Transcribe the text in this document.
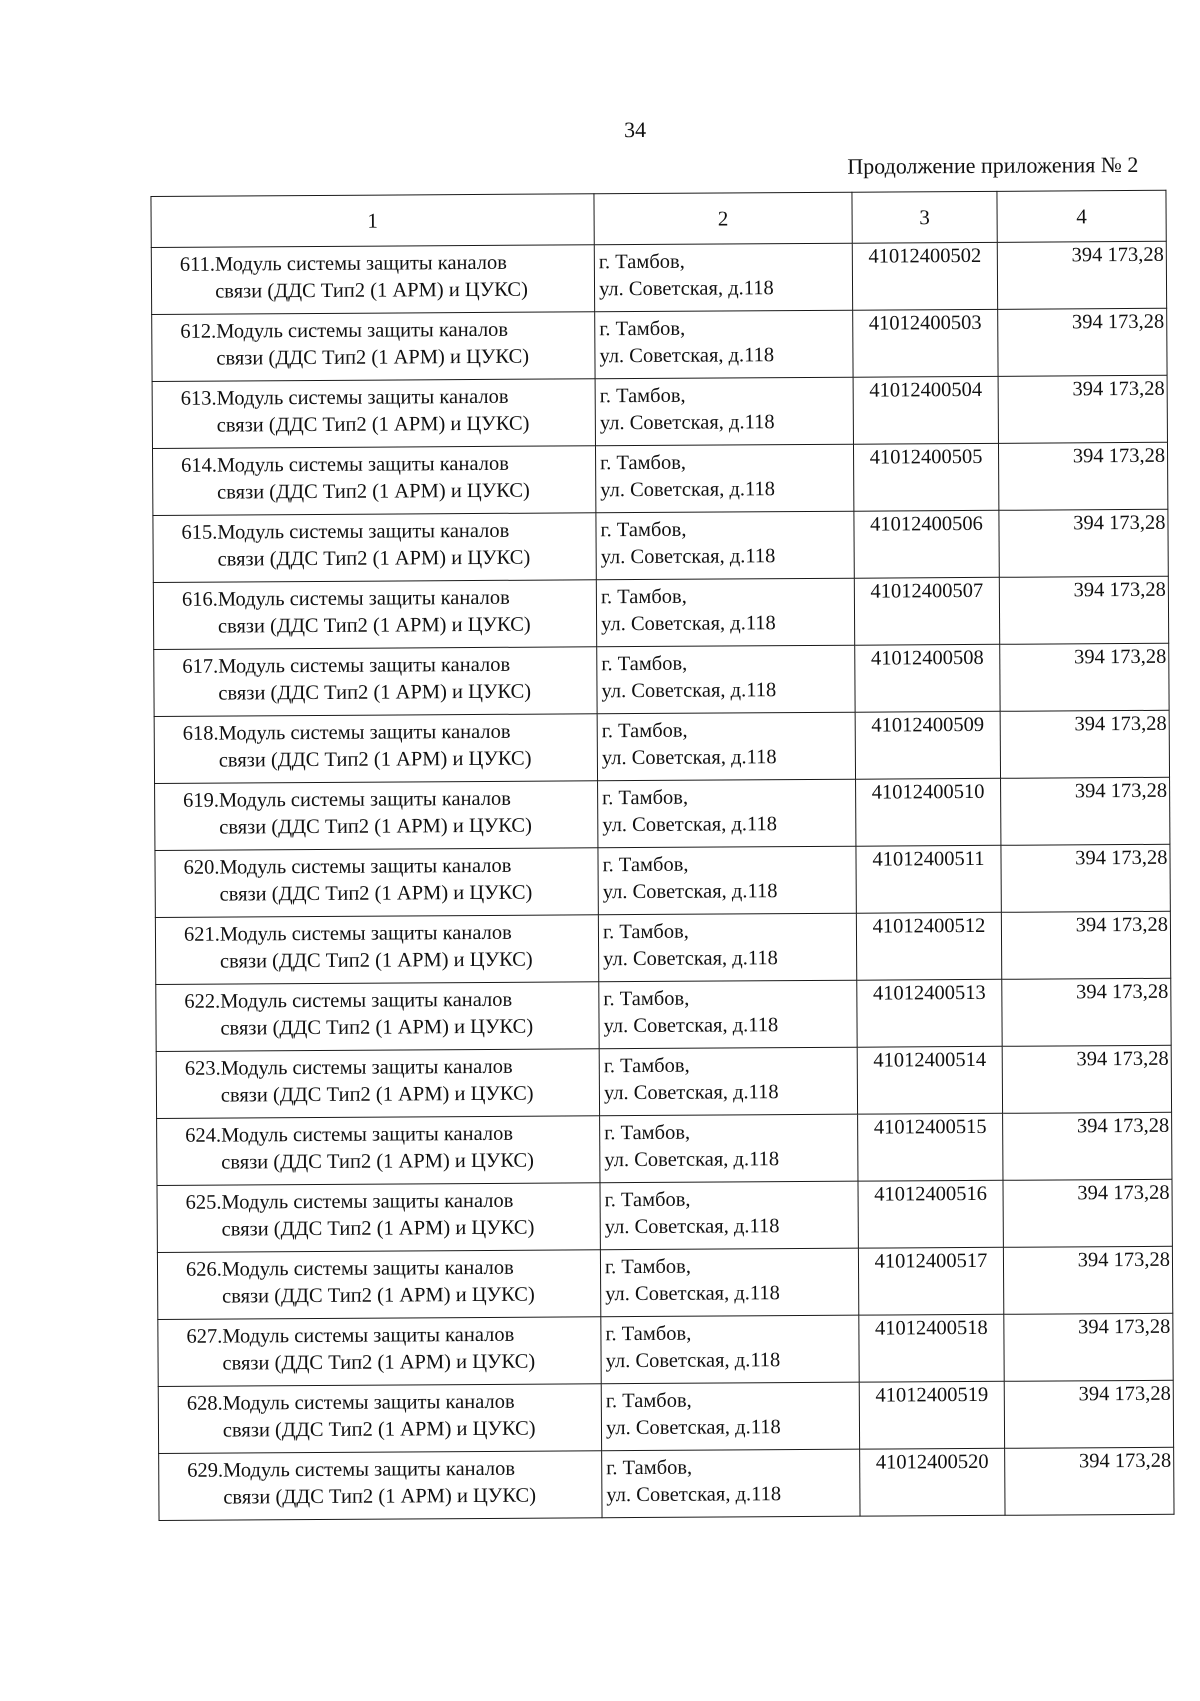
34
Продолжение приложения № 2
1	2	3	4

611. Модуль системы защиты каналов
связи (ДДС Тип2 (1 АРМ) и ЦУКС)	г. Тамбов,
ул. Советская, д.118	41012400502	394 173,28

612. Модуль системы защиты каналов
связи (ДДС Тип2 (1 АРМ) и ЦУКС)	г. Тамбов,
ул. Советская, д.118	41012400503	394 173,28

613. Модуль системы защиты каналов
связи (ДДС Тип2 (1 АРМ) и ЦУКС)	г. Тамбов,
ул. Советская, д.118	41012400504	394 173,28

614. Модуль системы защиты каналов
связи (ДДС Тип2 (1 АРМ) и ЦУКС)	г. Тамбов,
ул. Советская, д.118	41012400505	394 173,28

615. Модуль системы защиты каналов
связи (ДДС Тип2 (1 АРМ) и ЦУКС)	г. Тамбов,
ул. Советская, д.118	41012400506	394 173,28

616. Модуль системы защиты каналов
связи (ДДС Тип2 (1 АРМ) и ЦУКС)	г. Тамбов,
ул. Советская, д.118	41012400507	394 173,28

617. Модуль системы защиты каналов
связи (ДДС Тип2 (1 АРМ) и ЦУКС)	г. Тамбов,
ул. Советская, д.118	41012400508	394 173,28

618. Модуль системы защиты каналов
связи (ДДС Тип2 (1 АРМ) и ЦУКС)	г. Тамбов,
ул. Советская, д.118	41012400509	394 173,28

619. Модуль системы защиты каналов
связи (ДДС Тип2 (1 АРМ) и ЦУКС)	г. Тамбов,
ул. Советская, д.118	41012400510	394 173,28

620. Модуль системы защиты каналов
связи (ДДС Тип2 (1 АРМ) и ЦУКС)	г. Тамбов,
ул. Советская, д.118	41012400511	394 173,28

621. Модуль системы защиты каналов
связи (ДДС Тип2 (1 АРМ) и ЦУКС)	г. Тамбов,
ул. Советская, д.118	41012400512	394 173,28

622. Модуль системы защиты каналов
связи (ДДС Тип2 (1 АРМ) и ЦУКС)	г. Тамбов,
ул. Советская, д.118	41012400513	394 173,28

623. Модуль системы защиты каналов
связи (ДДС Тип2 (1 АРМ) и ЦУКС)	г. Тамбов,
ул. Советская, д.118	41012400514	394 173,28

624. Модуль системы защиты каналов
связи (ДДС Тип2 (1 АРМ) и ЦУКС)	г. Тамбов,
ул. Советская, д.118	41012400515	394 173,28

625. Модуль системы защиты каналов
связи (ДДС Тип2 (1 АРМ) и ЦУКС)	г. Тамбов,
ул. Советская, д.118	41012400516	394 173,28

626. Модуль системы защиты каналов
связи (ДДС Тип2 (1 АРМ) и ЦУКС)	г. Тамбов,
ул. Советская, д.118	41012400517	394 173,28

627. Модуль системы защиты каналов
связи (ДДС Тип2 (1 АРМ) и ЦУКС)	г. Тамбов,
ул. Советская, д.118	41012400518	394 173,28

628. Модуль системы защиты каналов
связи (ДДС Тип2 (1 АРМ) и ЦУКС)	г. Тамбов,
ул. Советская, д.118	41012400519	394 173,28

629. Модуль системы защиты каналов
связи (ДДС Тип2 (1 АРМ) и ЦУКС)	г. Тамбов,
ул. Советская, д.118	41012400520	394 173,28
